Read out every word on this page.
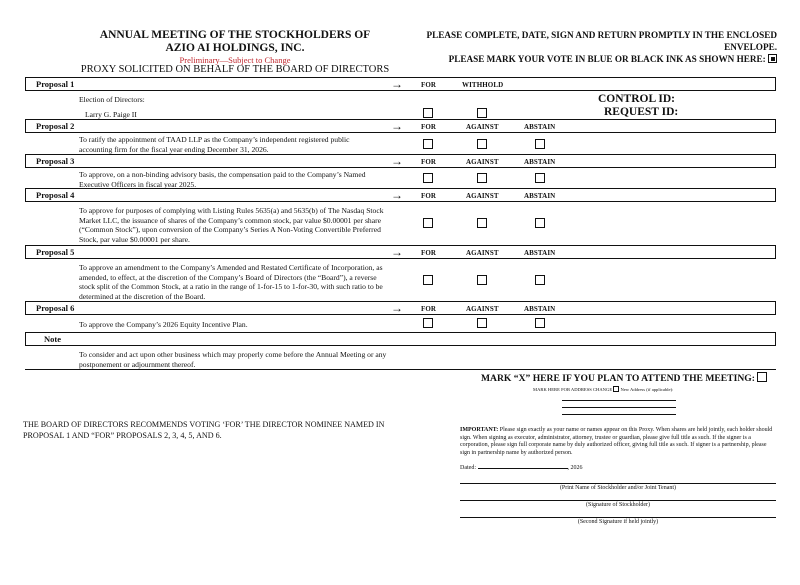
ANNUAL MEETING OF THE STOCKHOLDERS OF
AZIO AI HOLDINGS, INC.
Preliminary—Subject to Change
PROXY SOLICITED ON BEHALF OF THE BOARD OF DIRECTORS
PLEASE COMPLETE, DATE, SIGN AND RETURN PROMPTLY IN THE ENCLOSED ENVELOPE.
PLEASE MARK YOUR VOTE IN BLUE OR BLACK INK AS SHOWN HERE:
Proposal 1	→	FOR	WITHHOLD
Election of Directors:
Larry G. Paige II
CONTROL ID:
REQUEST ID:
Proposal 2	→	FOR	AGAINST	ABSTAIN
To ratify the appointment of TAAD LLP as the Company’s independent registered public accounting firm for the fiscal year ending December 31, 2026.
Proposal 3	→	FOR	AGAINST	ABSTAIN
To approve, on a non-binding advisory basis, the compensation paid to the Company’s Named Executive Officers in fiscal year 2025.
Proposal 4	→	FOR	AGAINST	ABSTAIN
To approve for purposes of complying with Listing Rules 5635(a) and 5635(b) of The Nasdaq Stock Market LLC, the issuance of shares of the Company’s common stock, par value $0.00001 per share (“Common Stock”), upon conversion of the Company’s Series A Non-Voting Convertible Preferred Stock, par value $0.00001 per share.
Proposal 5	→	FOR	AGAINST	ABSTAIN
To approve an amendment to the Company’s Amended and Restated Certificate of Incorporation, as amended, to effect, at the discretion of the Company’s Board of Directors (the “Board”), a reverse stock split of the Common Stock, at a ratio in the range of 1-for-15 to 1-for-30, with such ratio to be determined at the discretion of the Board.
Proposal 6	→	FOR	AGAINST	ABSTAIN
To approve the Company’s 2026 Equity Incentive Plan.
Note
To consider and act upon other business which may properly come before the Annual Meeting or any postponement or adjournment thereof.
MARK “X” HERE IF YOU PLAN TO ATTEND THE MEETING:
MARK HERE FOR ADDRESS CHANGE New Address (if applicable):
THE BOARD OF DIRECTORS RECOMMENDS VOTING ‘FOR’ THE DIRECTOR NOMINEE NAMED IN PROPOSAL 1 AND “FOR” PROPOSALS 2, 3, 4, 5, AND 6.
IMPORTANT: Please sign exactly as your name or names appear on this Proxy. When shares are held jointly, each holder should sign. When signing as executor, administrator, attorney, trustee or guardian, please give full title as such. If the signer is a corporation, please sign full corporate name by duly authorized officer, giving full title as such. If signer is a partnership, please sign in partnership name by authorized person.
Dated:	, 2026
(Print Name of Stockholder and/or Joint Tenant)
(Signature of Stockholder)
(Second Signature if held jointly)
